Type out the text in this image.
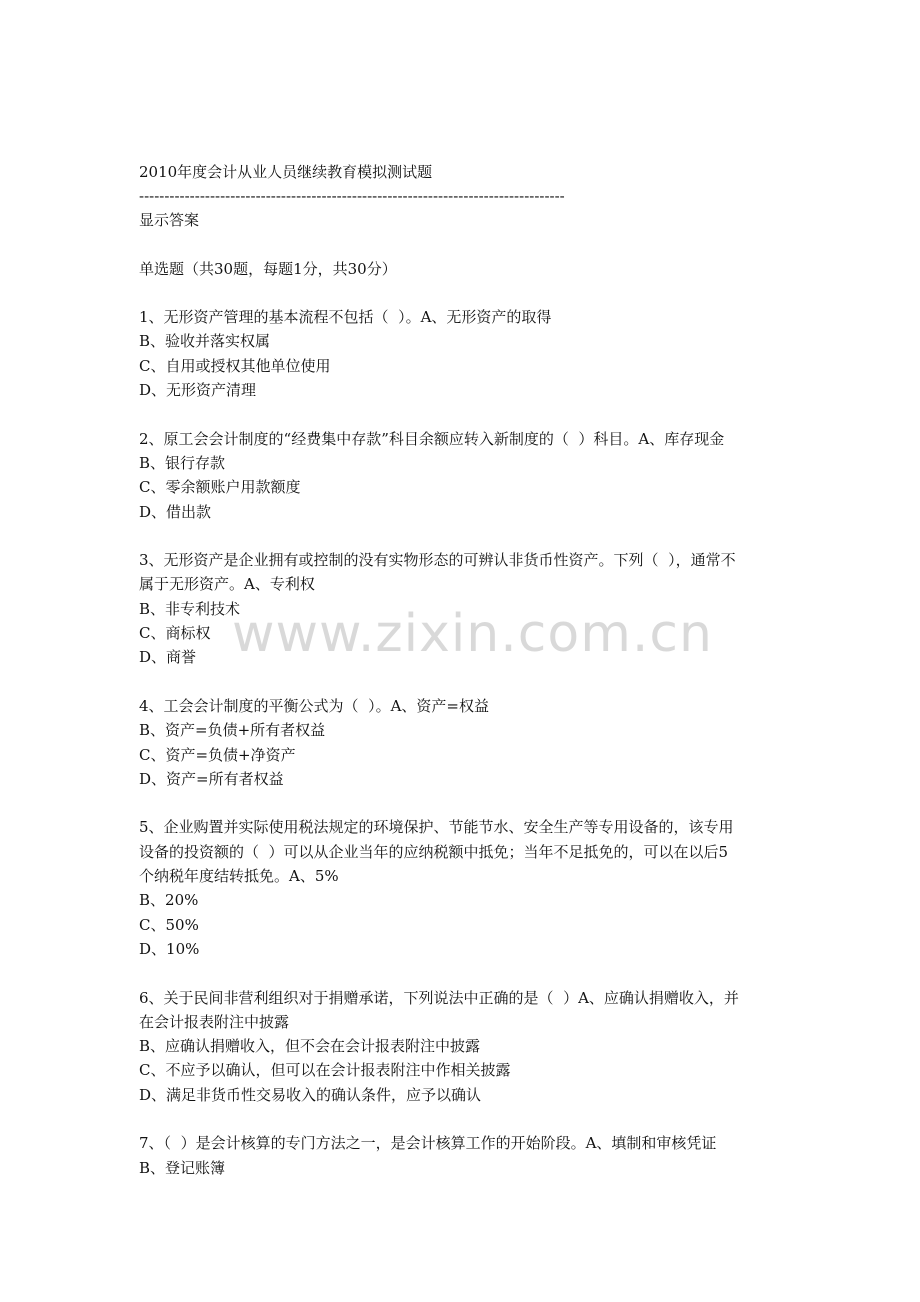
2010年度会计从业人员继续教育模拟测试题

------------------------------------------------------------------------------------

显示答案

单选题（共30题，每题1分，共30分）

1、无形资产管理的基本流程不包括（  ）。A、无形资产的取得

B、验收并落实权属

C、自用或授权其他单位使用

D、无形资产清理

2、原工会会计制度的“经费集中存款”科目余额应转入新制度的（  ）科目。A、库存现金

B、银行存款

C、零余额账户用款额度

D、借出款

3、无形资产是企业拥有或控制的没有实物形态的可辨认非货币性资产。下列（  ），通常不

属于无形资产。A、专利权

B、非专利技术

C、商标权

D、商誉

4、工会会计制度的平衡公式为（  ）。A、资产=权益

B、资产=负债+所有者权益

C、资产=负债+净资产

D、资产=所有者权益

5、企业购置并实际使用税法规定的环境保护、节能节水、安全生产等专用设备的，该专用

设备的投资额的（  ）可以从企业当年的应纳税额中抵免；当年不足抵免的，可以在以后5

个纳税年度结转抵免。A、5%

B、20%

C、50%

D、10%

6、关于民间非营利组织对于捐赠承诺，下列说法中正确的是（  ）A、应确认捐赠收入，并

在会计报表附注中披露

B、应确认捐赠收入，但不会在会计报表附注中披露

C、不应予以确认，但可以在会计报表附注中作相关披露

D、满足非货币性交易收入的确认条件，应予以确认

7、（  ）是会计核算的专门方法之一，是会计核算工作的开始阶段。A、填制和审核凭证

B、登记账簿

www.zixin.com.cn
